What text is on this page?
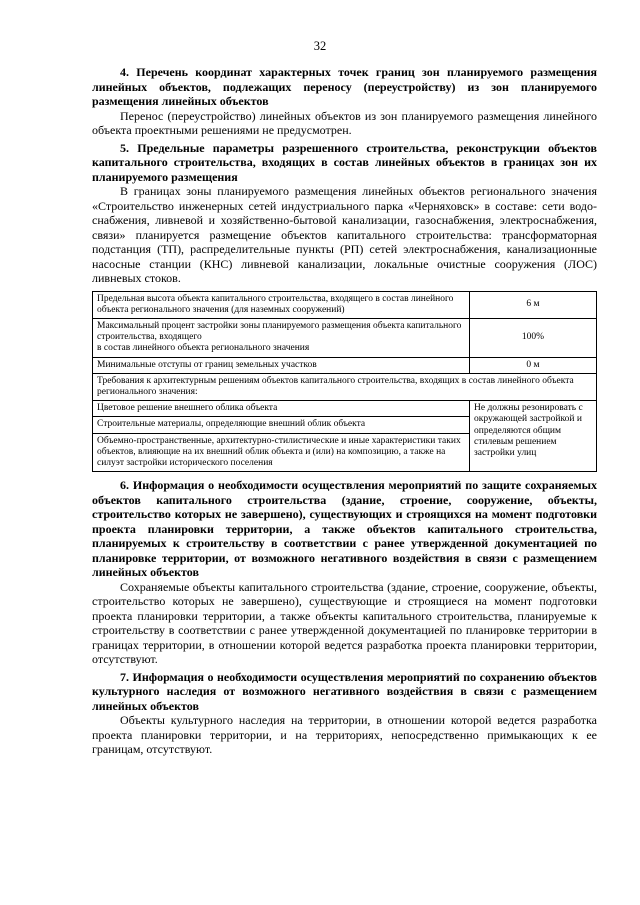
32
4. Перечень координат характерных точек границ зон планируемого размещения линейных объектов, подлежащих переносу (переустройству) из зон планируемого размещения линейных объектов

Перенос (переустройство) линейных объектов из зон планируемого размещения линейного объекта проектными решениями не предусмотрен.

5. Предельные параметры разрешенного строительства, реконструкции объектов капитального строительства, входящих в состав линейных объектов в границах зон их планируемого размещения

В границах зоны планируемого размещения линейных объектов регионального значения «Строительство инженерных сетей индустриального парка «Черняховск» в составе: сети водо-снабжения, ливневой и хозяйственно-бытовой канализации, газоснабжения, электроснабжения, связи» планируется размещение объектов капитального строительства: трансформаторная подстанция (ТП), распределительные пункты (РП) сетей электроснабжения, канализационные насосные станции (КНС) ливневой канализации, локальные очистные сооружения (ЛОС) ливневых стоков.

Предельная высота объекта капитального строительства, входящего в состав линейного объекта регионального значения (для наземных сооружений)	6 м
Максимальный процент застройки зоны планируемого размещения объекта капитального строительства, входящего
в состав линейного объекта регионального значения	100%
Минимальные отступы от границ земельных участков	0 м
Требования к архитектурным решениям объектов капитального строительства, входящих в состав линейного объекта регионального значения:	
Цветовое решение внешнего облика объекта	Не должны резонировать с окружающей застройкой и определяются общим стилевым решением застройки улиц
Строительные материалы, определяющие внешний облик объекта	
Объемно-пространственные, архитектурно-стилистические и иные характеристики таких объектов, влияющие на их внешний облик объекта и (или) на композицию, а также на силуэт застройки исторического поселения	
6. Информация о необходимости осуществления мероприятий по защите сохраняемых объектов капитального строительства (здание, строение, сооружение, объекты, строительство которых не завершено), существующих и строящихся на момент подготовки проекта планировки территории, а также объектов капитального строительства, планируемых к строительству в соответствии с ранее утвержденной документацией по планировке территории, от возможного негативного воздействия в связи с размещением линейных объектов

Сохраняемые объекты капитального строительства (здание, строение, сооружение, объекты, строительство которых не завершено), существующие и строящиеся на момент подготовки проекта планировки территории, а также объекты капитального строительства, планируемые к строительству в соответствии с ранее утвержденной документацией по планировке территории в границах территории, в отношении которой ведется разработка проекта планировки территории, отсутствуют.

7. Информация о необходимости осуществления мероприятий по сохранению объектов культурного наследия от возможного негативного воздействия в связи с размещением линейных объектов

Объекты культурного наследия на территории, в отношении которой ведется разработка проекта планировки территории, и на территориях, непосредственно примыкающих к ее границам, отсутствуют.
